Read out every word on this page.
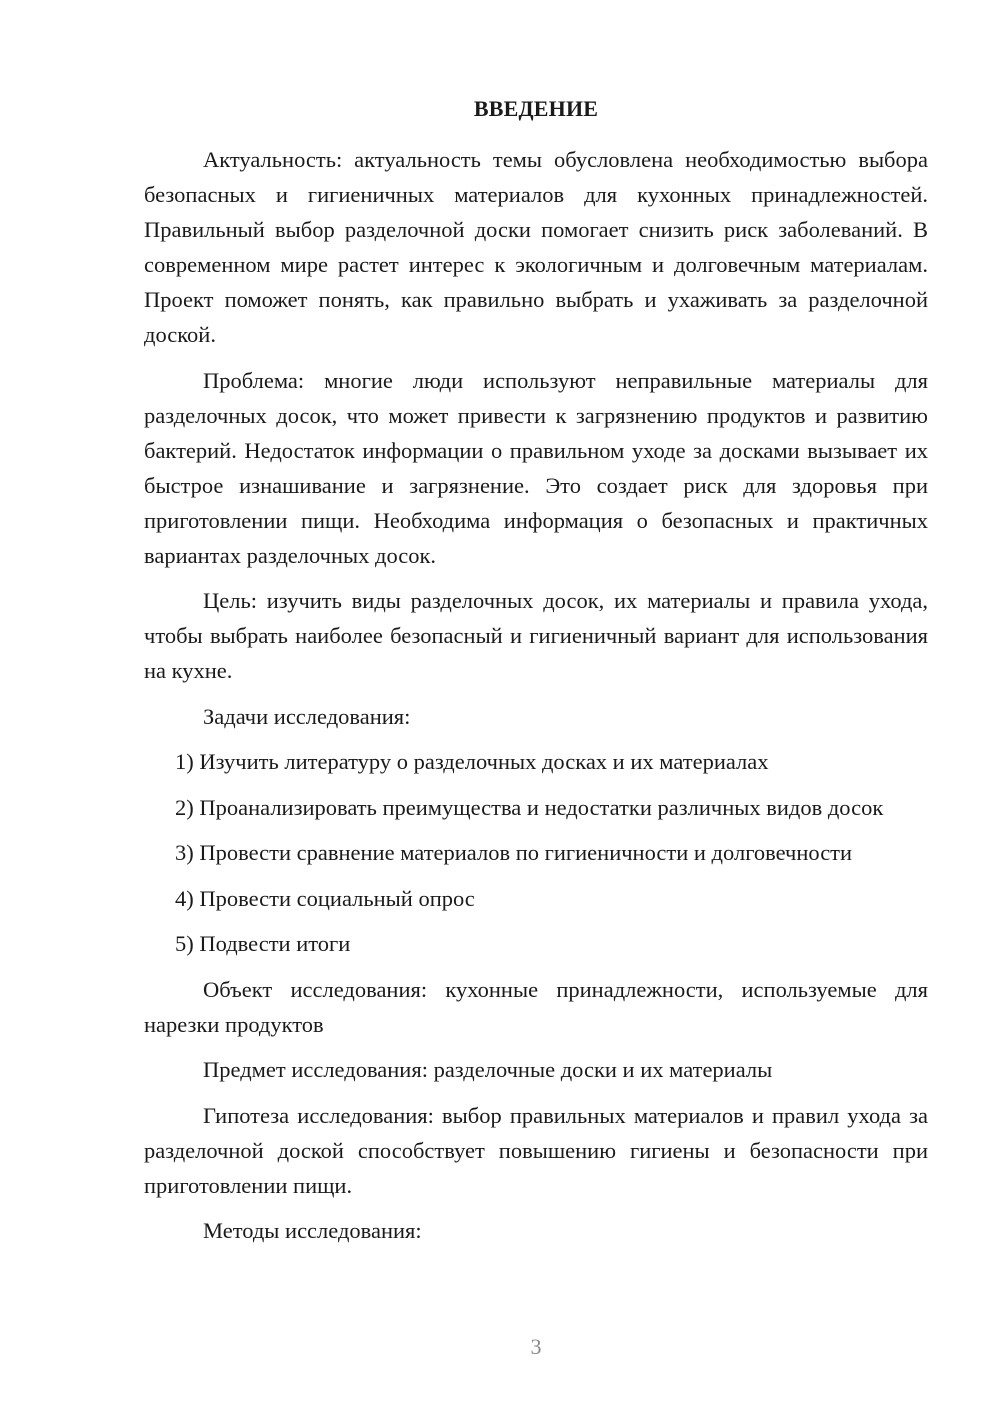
ВВЕДЕНИЕ

Актуальность: актуальность темы обусловлена необходимостью выбора безопасных и гигиеничных материалов для кухонных принадлежностей. Правильный выбор разделочной доски помогает снизить риск заболеваний. В современном мире растет интерес к экологичным и долговечным материалам. Проект поможет понять, как правильно выбрать и ухаживать за разделочной доской.

Проблема: многие люди используют неправильные материалы для разделочных досок, что может привести к загрязнению продуктов и развитию бактерий. Недостаток информации о правильном уходе за досками вызывает их быстрое изнашивание и загрязнение. Это создает риск для здоровья при приготовлении пищи. Необходима информация о безопасных и практичных вариантах разделочных досок.

Цель: изучить виды разделочных досок, их материалы и правила ухода, чтобы выбрать наиболее безопасный и гигиеничный вариант для использования на кухне.

Задачи исследования:

1) Изучить литературу о разделочных досках и их материалах

2) Проанализировать преимущества и недостатки различных видов досок

3) Провести сравнение материалов по гигиеничности и долговечности

4) Провести социальный опрос

5) Подвести итоги

Объект исследования: кухонные принадлежности, используемые для нарезки продуктов

Предмет исследования: разделочные доски и их материалы

Гипотеза исследования: выбор правильных материалов и правил ухода за разделочной доской способствует повышению гигиены и безопасности при приготовлении пищи.

Методы исследования:

3
